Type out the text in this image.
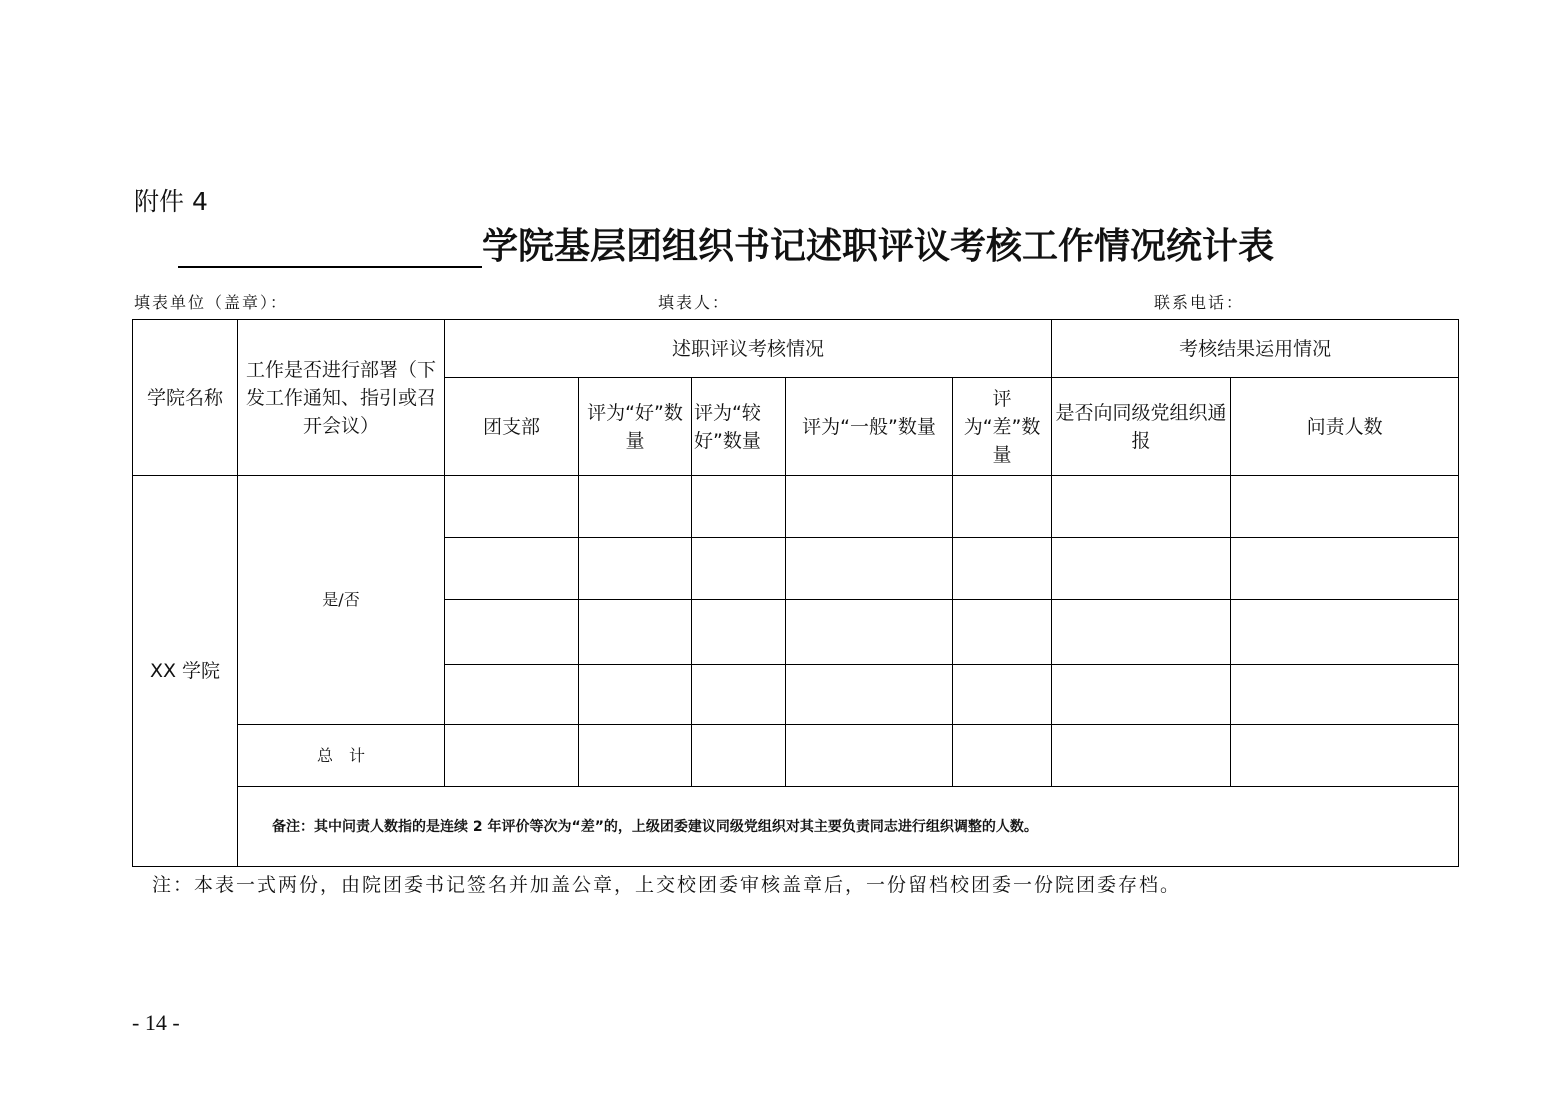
附件 4
学院基层团组织书记述职评议考核工作情况统计表
填表单位（盖章）：	填表人：	联系电话：
学院名称	工作是否进行部署（下发工作通知、指引或召开会议）	述职评议考核情况					考核结果运用情况	
		团支部	评为“好”数量	评为“较好”数量	评为“一般”数量	评为“差”数量	是否向同级党组织通报	问责人数
XX 学院	是/否							

	总　计							
	备注：其中问责人数指的是连续 2 年评价等次为“差”的，上级团委建议同级党组织对其主要负责同志进行组织调整的人数。							
注：本表一式两份，由院团委书记签名并加盖公章，上交校团委审核盖章后，一份留档校团委一份院团委存档。
- 14 -
